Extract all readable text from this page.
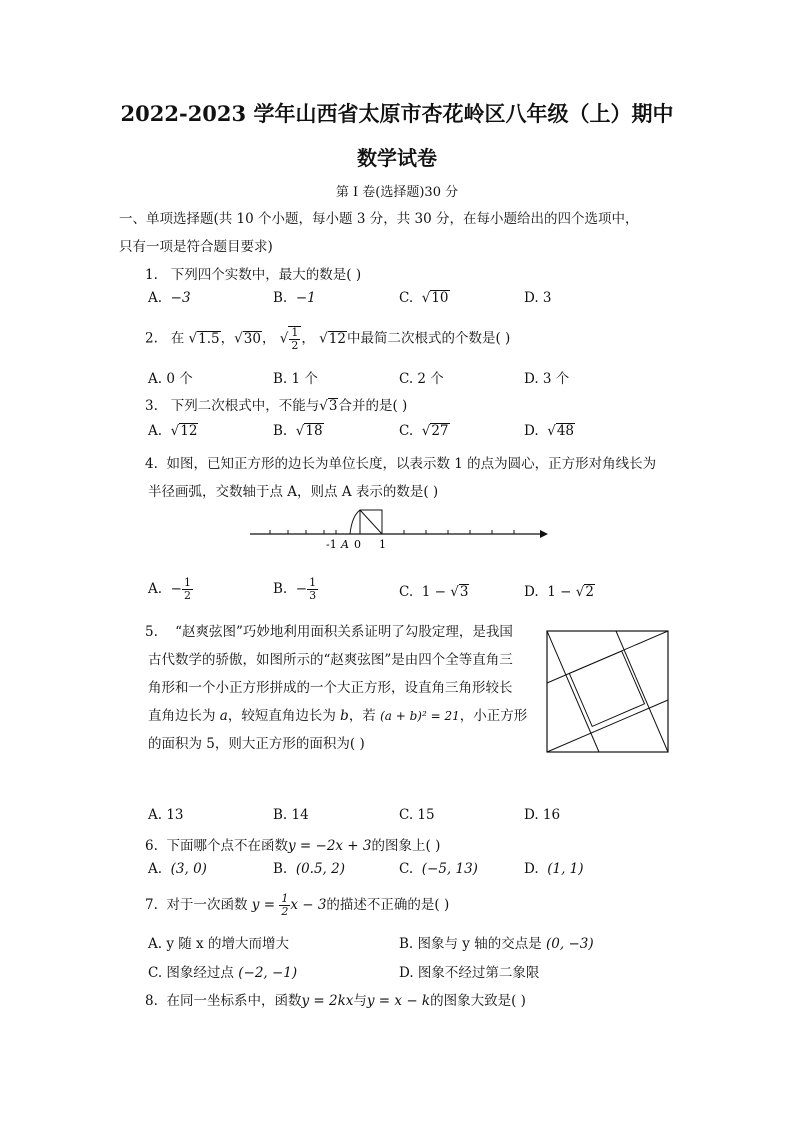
2022-2023 学年山西省太原市杏花岭区八年级（上）期中
数学试卷
第 I 卷(选择题)30 分
一、单项选择题(共 10 个小题，每小题 3 分，共 30 分，在每小题给出的四个选项中，
只有一项是符合题目要求)
1. 下列四个实数中，最大的数是( )
A. −3	B. −1	C.  √10	D. 3
2. 在 √1.5，√30， √ $\frac{1}{2}$ ， √12中最简二次根式的个数是( )
A. 0 个	B. 1 个	C. 2 个	D. 3 个
3. 下列二次根式中，不能与√3合并的是( )
A.  √12	B.  √18	C.  √27	D.  √48
4. 如图，已知正方形的边长为单位长度，以表示数 1 的点为圆心，正方形对角线长为
半径画弧，交数轴于点 A，则点 A 表示的数是( )
-1 A 0 1
A.  − $\frac{1}{2}$	B.  − $\frac{1}{3}$	C. 1 − √3	D. 1 − √2
5. “赵爽弦图”巧妙地利用面积关系证明了勾股定理，是我国
古代数学的骄傲，如图所示的“赵爽弦图”是由四个全等直角三
角形和一个小正方形拼成的一个大正方形，设直角三角形较长
直角边长为 a，较短直角边长为 b，若 (a + b)² = 21，小正方形
的面积为 5，则大正方形的面积为( )
A. 13	B. 14	C. 15	D. 16
6. 下面哪个点不在函数y = −2x + 3的图象上( )
A. (3, 0)	B. (0.5, 2)	C. (−5, 13)	D. (1, 1)
7. 对于一次函数 $y = \frac{1}{2}$ x − 3的描述不正确的是( )
A. y 随 x 的增大而增大	B. 图象与 y 轴的交点是 (0, −3)
C. 图象经过点 (−2, −1)	D. 图象不经过第二象限
8. 在同一坐标系中，函数y = 2kx与y = x − k的图象大致是( )
